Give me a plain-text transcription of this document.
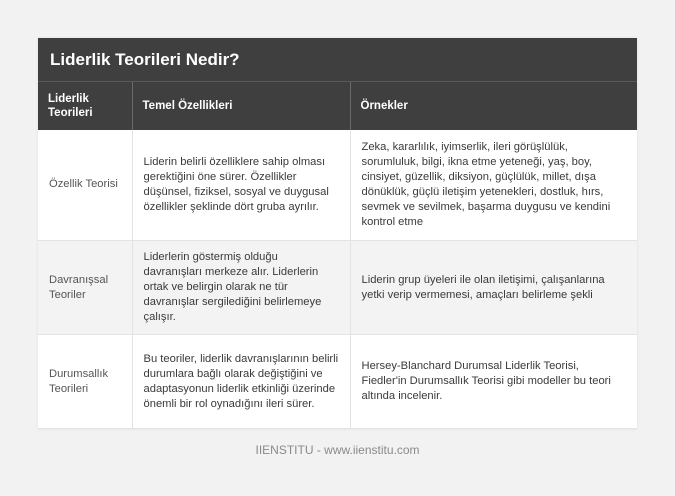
Liderlik Teorileri Nedir?
Liderlik Teorileri	Temel Özellikleri	Örnekler
Özellik Teorisi	Liderin belirli özelliklere sahip olması gerektiğini öne sürer. Özellikler düşünsel, fiziksel, sosyal ve duygusal özellikler şeklinde dört gruba ayrılır.	Zeka, kararlılık, iyimserlik, ileri görüşlülük, sorumluluk, bilgi, ikna etme yeteneği, yaş, boy, cinsiyet, güzellik, diksiyon, güçlülük, millet, dışa dönüklük, güçlü iletişim yetenekleri, dostluk, hırs, sevmek ve sevilmek, başarma duygusu ve kendini kontrol etme
Davranışsal Teoriler	Liderlerin göstermiş olduğu davranışları merkeze alır. Liderlerin ortak ve belirgin olarak ne tür davranışlar sergilediğini belirlemeye çalışır.	Liderin grup üyeleri ile olan iletişimi, çalışanlarına yetki verip vermemesi, amaçları belirleme şekli
Durumsallık Teorileri	Bu teoriler, liderlik davranışlarının belirli durumlara bağlı olarak değiştiğini ve adaptasyonun liderlik etkinliği üzerinde önemli bir rol oynadığını ileri sürer.	Hersey-Blanchard Durumsal Liderlik Teorisi, Fiedler'in Durumsallık Teorisi gibi modeller bu teori altında incelenir.
IIENSTITU - www.iienstitu.com
